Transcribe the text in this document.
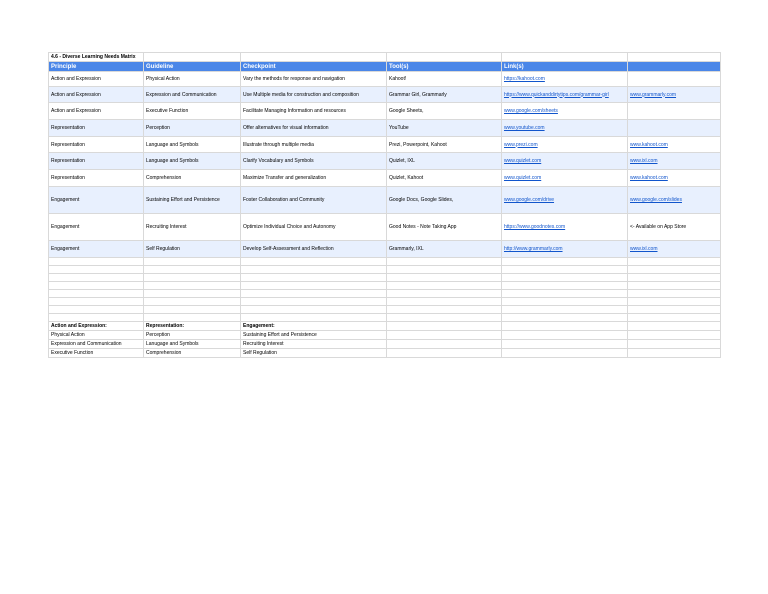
4.6 - Diverse Learning Needs Matrix					
Principle	Guideline	Checkpoint	Tool(s)	Link(s)	
Action and Expression	Physical Action	Vary the methods for response and navigation	Kahoot!	https://kahoot.com	
Action and Expression	Expression and Communication	Use Multiple media for construction and composition	Grammar Girl, Grammarly	https://www.quickanddirtytips.com/grammar-girl	www.grammarly.com
Action and Expression	Executive Function	Facilitate Managing Information and resources	Google Sheets,	www.google.com/sheets	
Representation	Perception	Offer alternatives for visual information	YouTube	www.youtube.com	
Representation	Language and Symbols	Illustrate through multiple media	Prezi, Powerpoint, Kahoot	www.prezi.com	www.kahoot.com
Representation	Language and Symbols	Clarify Vocabulary and Symbols	Quizlet, IXL	www.quizlet.com	www.ixl.com
Representation	Comprehension	Maximize Transfer and generalization	Quizlet, Kahoot	www.quizlet.com	www.kahoot.com
Engagement	Sustaining Effort and Persistence	Foster Collaboration and Community	Google Docs, Google Slides,	www.google.com/drive	www.google.com/slides
Engagement	Recruiting Interest	Optimize Individual Choice and Autonomy	Good Notes - Note Taking App	https://www.goodnotes.com	<- Available on App Store
Engagement	Self Regulation	Develop Self-Assessment and Reflection	Grammarly, IXL	http://www.grammarly.com	www.ixl.com

Action and Expression:	Representation:	Engagement:			
Physical Action	Perception	Sustaining Effort and Persistence			
Expression and Communication	Lanugage and Symbols	Recruiting Interest			
Executive Function	Comprehension	Self Regulation			
